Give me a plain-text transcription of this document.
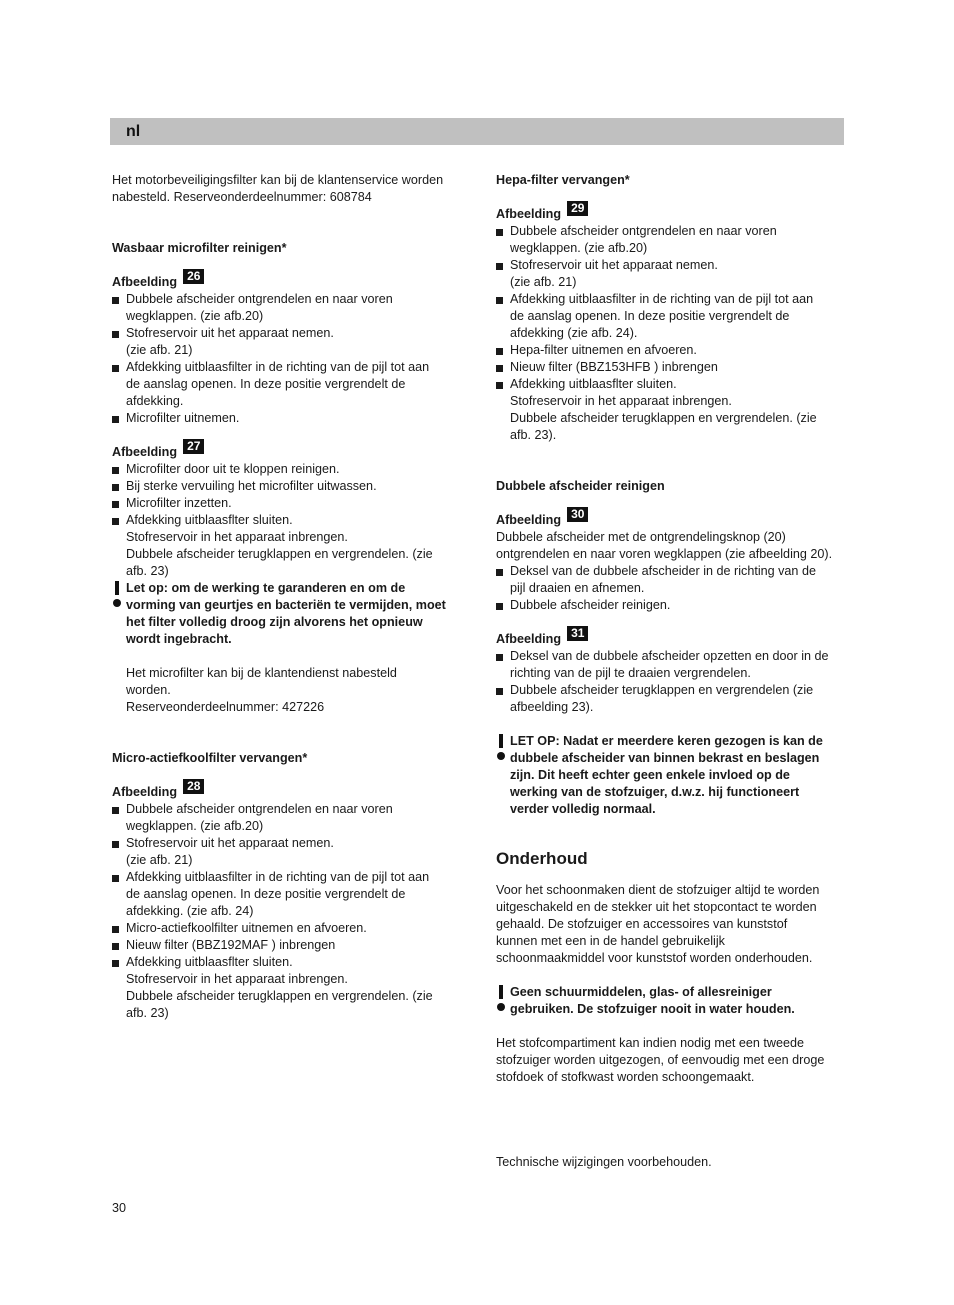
nl

Het motorbeveiligingsfilter kan bij de klantenservice worden

nabesteld. Reserveonderdeelnummer: 608784

Wasbaar microfilter reinigen*

Afbeelding 26

Dubbele afscheider ontgrendelen en naar voren

wegklappen. (zie afb.20)

Stofreservoir uit het apparaat nemen.

(zie afb. 21)

Afdekking uitblaasfilter in de richting van de pijl tot aan

de aanslag openen. In deze positie vergrendelt de

afdekking.

Microfilter uitnemen.

Afbeelding 27

Microfilter door uit te kloppen reinigen.

Bij sterke vervuiling het microfilter uitwassen.

Microfilter inzetten.

Afdekking uitblaasflter sluiten.

Stofreservoir in het apparaat inbrengen.

Dubbele afscheider terugklappen en vergrendelen. (zie

afb. 23)

Let op: om de werking te garanderen en om de

vorming van geurtjes en bacteriën te vermijden, moet

het filter volledig droog zijn alvorens het opnieuw

wordt ingebracht.

Het microfilter kan bij de klantendienst nabesteld

worden.

Reserveonderdeelnummer: 427226

Micro-actiefkoolfilter vervangen*

Afbeelding 28

Dubbele afscheider ontgrendelen en naar voren

wegklappen. (zie afb.20)

Stofreservoir uit het apparaat nemen.

(zie afb. 21)

Afdekking uitblaasfilter in de richting van de pijl tot aan

de aanslag openen. In deze positie vergrendelt de

afdekking. (zie afb. 24)

Micro-actiefkoolfilter uitnemen en afvoeren.

Nieuw filter (BBZ192MAF ) inbrengen

Afdekking uitblaasflter sluiten.

Stofreservoir in het apparaat inbrengen.

Dubbele afscheider terugklappen en vergrendelen. (zie

afb. 23)

Hepa-filter vervangen*

Afbeelding 29

Dubbele afscheider ontgrendelen en naar voren

wegklappen. (zie afb.20)

Stofreservoir uit het apparaat nemen.

(zie afb. 21)

Afdekking uitblaasfilter in de richting van de pijl tot aan

de aanslag openen. In deze positie vergrendelt de

afdekking (zie afb. 24).

Hepa-filter uitnemen en afvoeren.

Nieuw filter (BBZ153HFB ) inbrengen

Afdekking uitblaasflter sluiten.

Stofreservoir in het apparaat inbrengen.

Dubbele afscheider terugklappen en vergrendelen. (zie

afb. 23).

Dubbele afscheider reinigen

Afbeelding 30

Dubbele afscheider met de ontgrendelingsknop (20)

ontgrendelen en naar voren wegklappen (zie afbeelding 20).

Deksel van de dubbele afscheider in de richting van de

pijl draaien en afnemen.

Dubbele afscheider reinigen.

Afbeelding 31

Deksel van de dubbele afscheider opzetten en door in de

richting van de pijl te draaien vergrendelen.

Dubbele afscheider terugklappen en vergrendelen (zie

afbeelding 23).

LET OP: Nadat er meerdere keren gezogen is kan de

dubbele afscheider van binnen bekrast en beslagen

zijn. Dit heeft echter geen enkele invloed op de

werking van de stofzuiger, d.w.z. hij functioneert

verder volledig normaal.

Onderhoud

Voor het schoonmaken dient de stofzuiger altijd te worden

uitgeschakeld en de stekker uit het stopcontact te worden

gehaald. De stofzuiger en accessoires van kunststof

kunnen met een in de handel gebruikelijk

schoonmaakmiddel voor kunststof worden onderhouden.

Geen schuurmiddelen, glas- of allesreiniger

gebruiken. De stofzuiger nooit in water houden.

Het stofcompartiment kan indien nodig met een tweede

stofzuiger worden uitgezogen, of eenvoudig met een droge

stofdoek of stofkwast worden schoongemaakt.

Technische wijzigingen voorbehouden.

30
